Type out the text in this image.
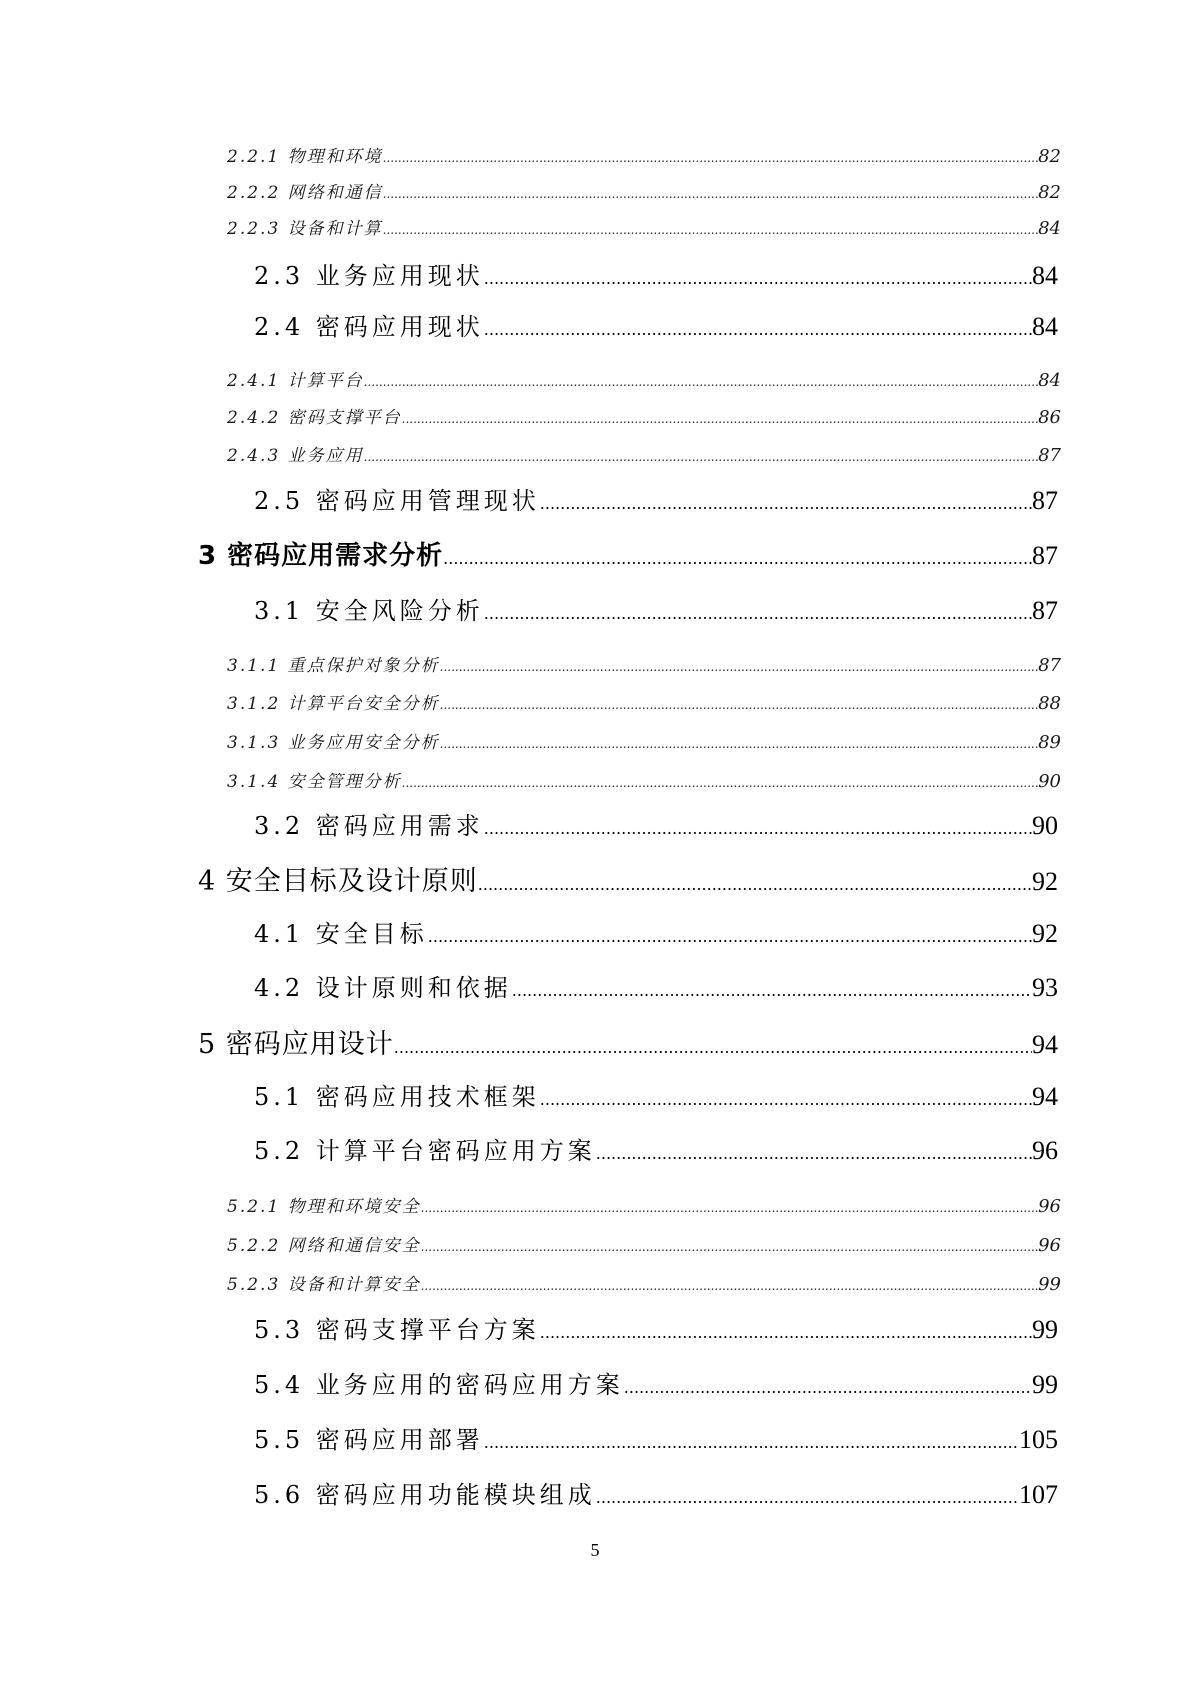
2.2.1 物理和环境 .....	82
2.2.2 网络和通信 .....	82
2.2.3 设备和计算 .....	84
2.3 业务应用现状 .....	84
2.4 密码应用现状 .....	84
2.4.1 计算平台 .....	84
2.4.2 密码支撑平台 .....	86
2.4.3 业务应用 .....	87
2.5 密码应用管理现状 .....	87
3 密码应用需求分析 .....	87
3.1 安全风险分析 .....	87
3.1.1 重点保护对象分析 .....	87
3.1.2 计算平台安全分析 .....	88
3.1.3 业务应用安全分析 .....	89
3.1.4 安全管理分析 .....	90
3.2 密码应用需求 .....	90
4 安全目标及设计原则 .....	92
4.1 安全目标 .....	92
4.2 设计原则和依据 .....	93
5 密码应用设计 .....	94
5.1 密码应用技术框架 .....	94
5.2 计算平台密码应用方案 .....	96
5.2.1 物理和环境安全 .....	96
5.2.2 网络和通信安全 .....	96
5.2.3 设备和计算安全 .....	99
5.3 密码支撑平台方案 .....	99
5.4 业务应用的密码应用方案 .....	99
5.5 密码应用部署 .....	105
5.6 密码应用功能模块组成 .....	107
5
